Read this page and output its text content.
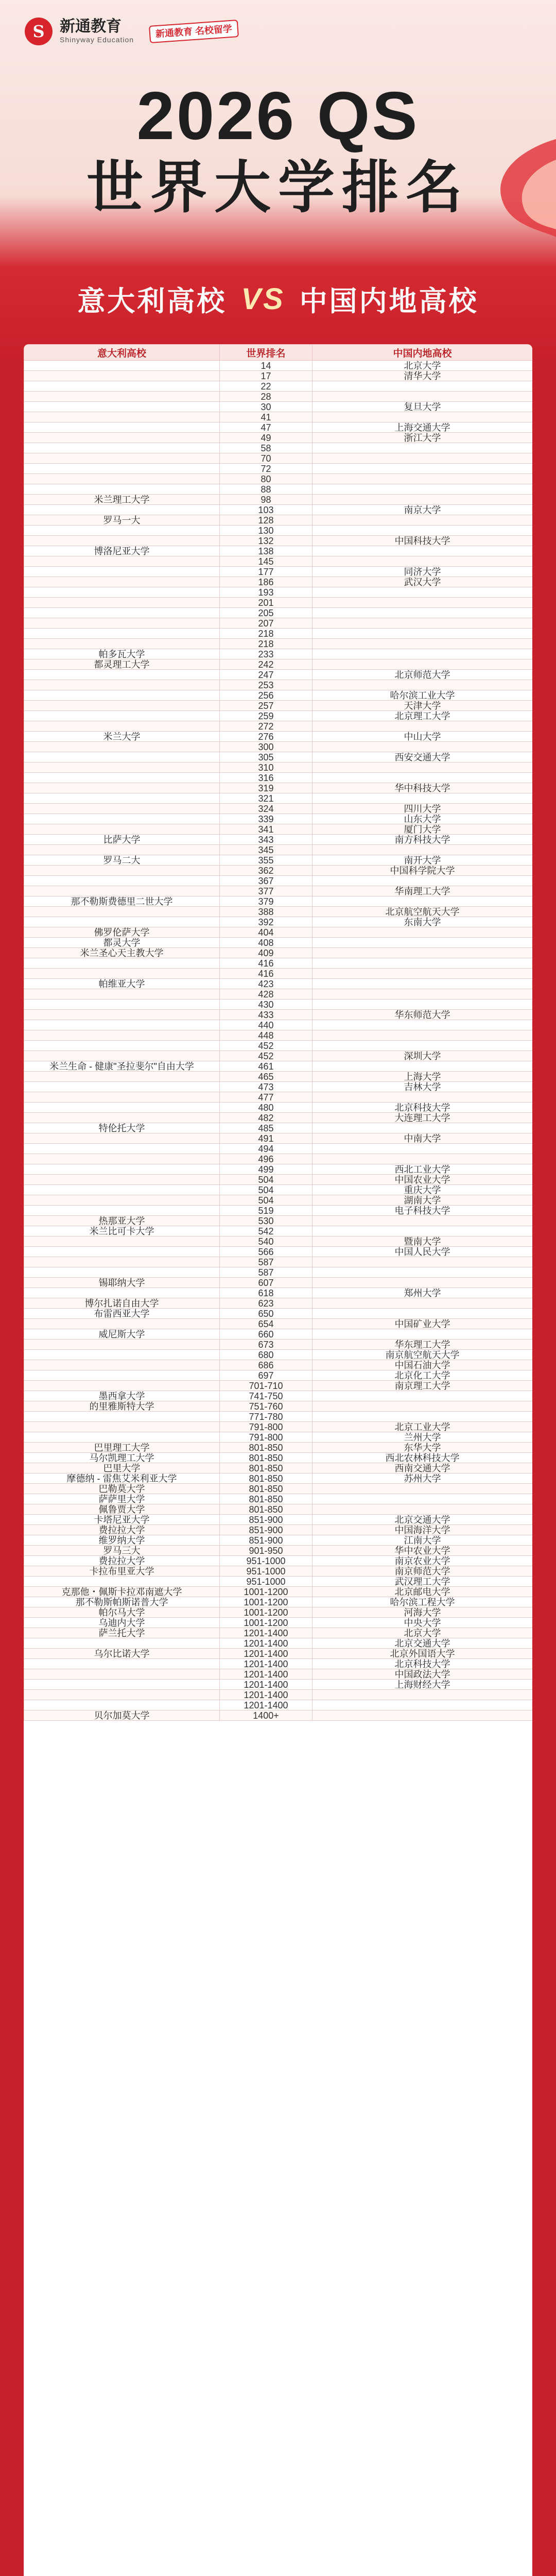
S 新通教育
Shinyway Education
新通教育 名校留学
2026 QS
世界大学排名
意大利高校 VS 中国内地高校
意大利高校	世界排名	中国内地高校
	14	北京大学
	17	清华大学
	22	
	28	
	30	复旦大学
	41	
	47	上海交通大学
	49	浙江大学
	58	
	70	
	72	
	80	
	88	
米兰理工大学	98	
	103	南京大学
罗马一大	128	
	130	
	132	中国科技大学
博洛尼亚大学	138	
	145	
	177	同济大学
	186	武汉大学
	193	
	201	
	205	
	207	
	218	
	218	
帕多瓦大学	233	
都灵理工大学	242	
	247	北京师范大学
	253	
	256	哈尔滨工业大学
	257	天津大学
	259	北京理工大学
	272	
米兰大学	276	中山大学
	300	
	305	西安交通大学
	310	
	316	
	319	华中科技大学
	321	
	324	四川大学
	339	山东大学
	341	厦门大学
比萨大学	343	南方科技大学
	345	
罗马二大	355	南开大学
	362	中国科学院大学
	367	
	377	华南理工大学
那不勒斯费德里二世大学	379	
	388	北京航空航天大学
	392	东南大学
佛罗伦萨大学	404	
都灵大学	408	
米兰圣心天主教大学	409	
	416	
	416	
帕维亚大学	423	
	428	
	430	
	433	华东师范大学
	440	
	448	
	452	
	452	深圳大学
米兰生命 - 健康"圣拉斐尔"自由大学	461	
	465	上海大学
	473	吉林大学
	477	
	480	北京科技大学
	482	大连理工大学
特伦托大学	485	
	491	中南大学
	494	
	496	
	499	西北工业大学
	504	中国农业大学
	504	重庆大学
	504	湖南大学
	519	电子科技大学
热那亚大学	530	
米兰比可卡大学	542	
	540	暨南大学
	566	中国人民大学
	587	
	587	
锡耶纳大学	607	
	618	郑州大学
博尔扎诺自由大学	623	
布雷西亚大学	650	
	654	中国矿业大学
威尼斯大学	660	
	673	华东理工大学
	680	南京航空航天大学
	686	中国石油大学
	697	北京化工大学
	701-710	南京理工大学
墨西拿大学	741-750	
的里雅斯特大学	751-760	
	771-780	
	791-800	北京工业大学
	791-800	兰州大学
巴里理工大学	801-850	东华大学
马尔凯理工大学	801-850	西北农林科技大学
巴里大学	801-850	西南交通大学
摩德纳 - 雷焦艾米利亚大学	801-850	苏州大学
巴勒莫大学	801-850	
萨萨里大学	801-850	
佩鲁贾大学	801-850	
卡塔尼亚大学	851-900	北京交通大学
费拉拉大学	851-900	中国海洋大学
维罗纳大学	851-900	江南大学
罗马三大	901-950	华中农业大学
费拉拉大学	951-1000	南京农业大学
卡拉布里亚大学	951-1000	南京师范大学
	951-1000	武汉理工大学
克那他・佩斯卡拉邓南遮大学	1001-1200	北京邮电大学
那不勒斯帕斯诺普大学	1001-1200	哈尔滨工程大学
帕尔马大学	1001-1200	河海大学
乌迪内大学	1001-1200	中央大学
萨兰托大学	1201-1400	北京大学
	1201-1400	北京交通大学
乌尔比诺大学	1201-1400	北京外国语大学
	1201-1400	北京科技大学
	1201-1400	中国政法大学
	1201-1400	上海财经大学
	1201-1400	
	1201-1400	
贝尔加莫大学	1400+	
